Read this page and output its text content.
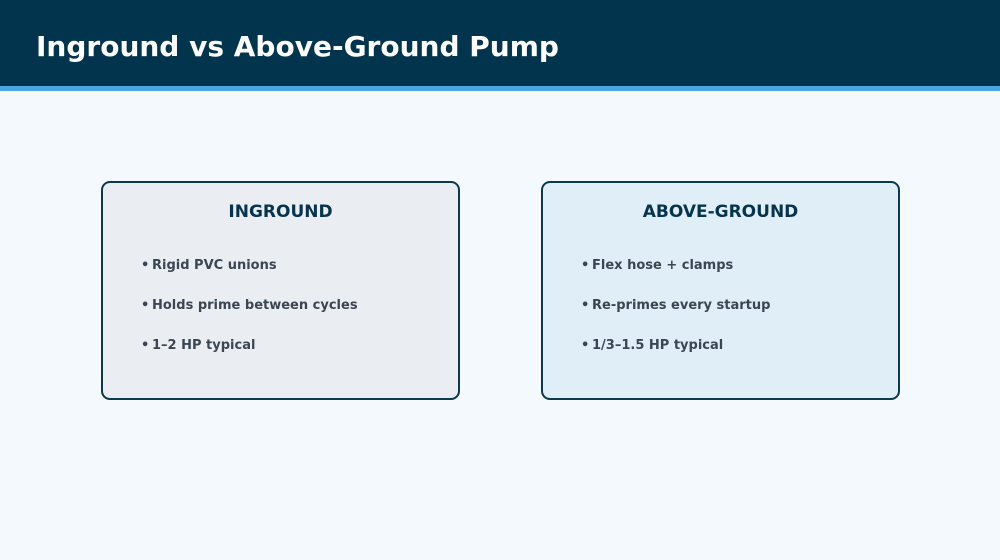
Inground vs Above-Ground Pump
INGROUND
• Rigid PVC unions
• Holds prime between cycles
• 1–2 HP typical
ABOVE-GROUND
• Flex hose + clamps
• Re-primes every startup
• 1/3–1.5 HP typical
